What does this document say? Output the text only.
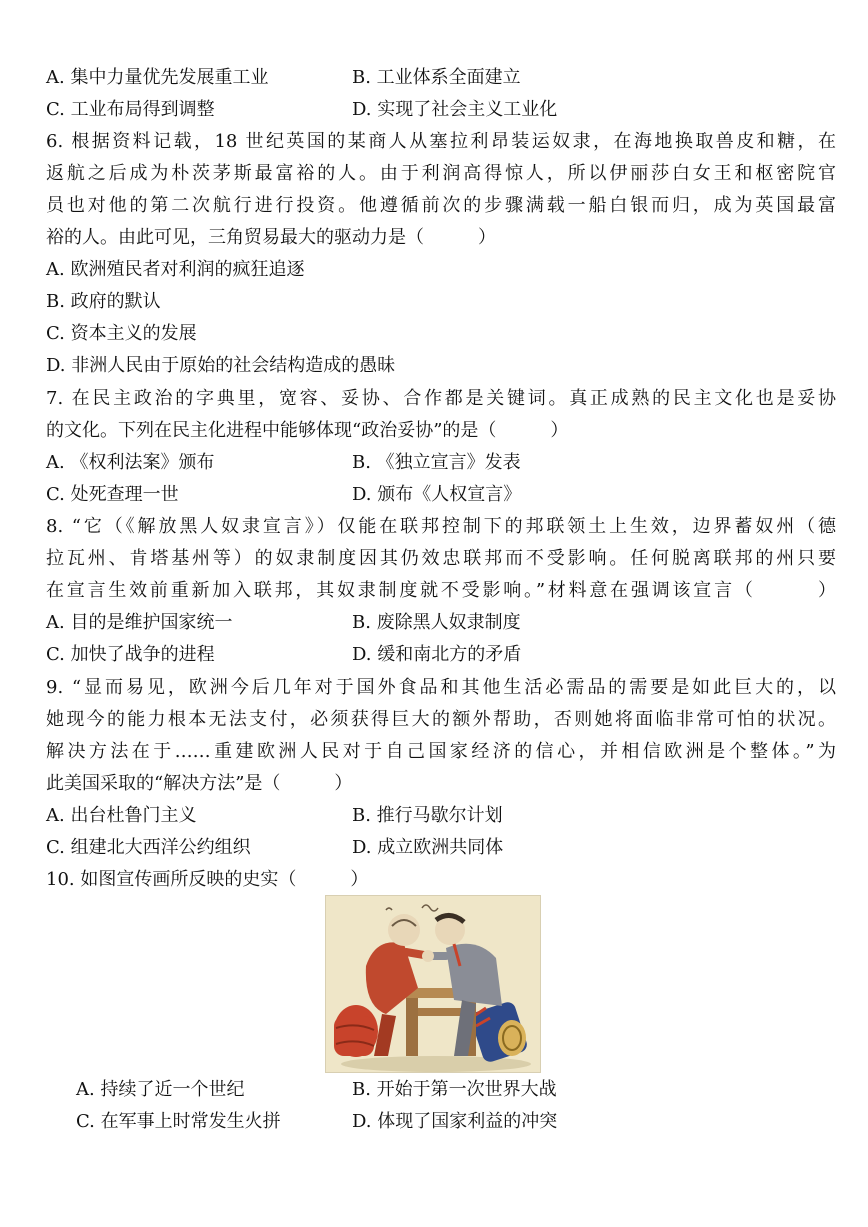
A. 集中力量优先发展重工业	B. 工业体系全面建立
C. 工业布局得到调整	D. 实现了社会主义工业化
6. 根据资料记载，18 世纪英国的某商人从塞拉利昂装运奴隶，在海地换取兽皮和糖，在
返航之后成为朴茨茅斯最富裕的人。由于利润高得惊人，所以伊丽莎白女王和枢密院官
员也对他的第二次航行进行投资。他遵循前次的步骤满载一船白银而归，成为英国最富
裕的人。由此可见，三角贸易最大的驱动力是（　　　）
A. 欧洲殖民者对利润的疯狂追逐
B. 政府的默认
C. 资本主义的发展
D. 非洲人民由于原始的社会结构造成的愚昧
7. 在民主政治的字典里，宽容、妥协、合作都是关键词。真正成熟的民主文化也是妥协
的文化。下列在民主化进程中能够体现“政治妥协”的是（　　　）
A. 《权利法案》颁布	B. 《独立宣言》发表
C. 处死查理一世	D. 颁布《人权宣言》
8. “它（《解放黑人奴隶宣言》）仅能在联邦控制下的邦联领土上生效，边界蓄奴州（德
拉瓦州、肯塔基州等）的奴隶制度因其仍效忠联邦而不受影响。任何脱离联邦的州只要
在宣言生效前重新加入联邦，其奴隶制度就不受影响。”材料意在强调该宣言（　　　）
A. 目的是维护国家统一	B. 废除黑人奴隶制度
C. 加快了战争的进程	D. 缓和南北方的矛盾
9. “显而易见，欧洲今后几年对于国外食品和其他生活必需品的需要是如此巨大的，以
她现今的能力根本无法支付，必须获得巨大的额外帮助，否则她将面临非常可怕的状况。
解决方法在于……重建欧洲人民对于自己国家经济的信心，并相信欧洲是个整体。”为
此美国采取的“解决方法”是（　　　）
A. 出台杜鲁门主义	B. 推行马歇尔计划
C. 组建北大西洋公约组织	D. 成立欧洲共同体
10. 如图宣传画所反映的史实（　　　）
A. 持续了近一个世纪	B. 开始于第一次世界大战
C. 在军事上时常发生火拼	D. 体现了国家利益的冲突
